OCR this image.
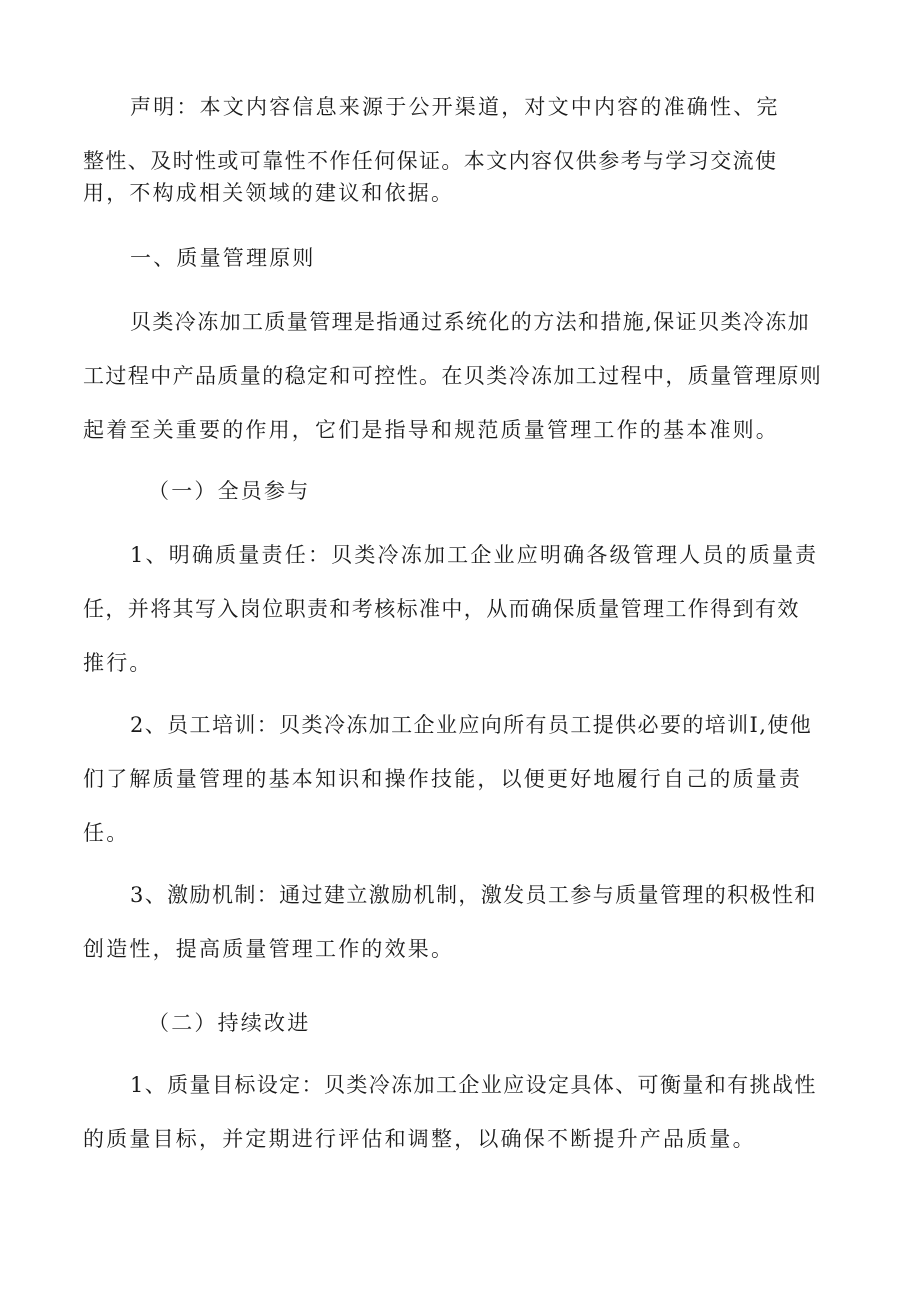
声明：本文内容信息来源于公开渠道，对文中内容的准确性、完
整性、及时性或可靠性不作任何保证。本文内容仅供参考与学习交流使
用，不构成相关领域的建议和依据。
一、质量管理原则
贝类冷冻加工质量管理是指通过系统化的方法和措施,保证贝类冷冻加
工过程中产品质量的稳定和可控性。在贝类冷冻加工过程中，质量管理原则
起着至关重要的作用，它们是指导和规范质量管理工作的基本准则。
（一）全员参与
1、明确质量责任：贝类冷冻加工企业应明确各级管理人员的质量责
任，并将其写入岗位职责和考核标准中，从而确保质量管理工作得到有效
推行。
2、员工培训：贝类冷冻加工企业应向所有员工提供必要的培训I,使他
们了解质量管理的基本知识和操作技能，以便更好地履行自己的质量责
任。
3、激励机制：通过建立激励机制，激发员工参与质量管理的积极性和
创造性，提高质量管理工作的效果。
（二）持续改进
1、质量目标设定：贝类冷冻加工企业应设定具体、可衡量和有挑战性
的质量目标，并定期进行评估和调整，以确保不断提升产品质量。
